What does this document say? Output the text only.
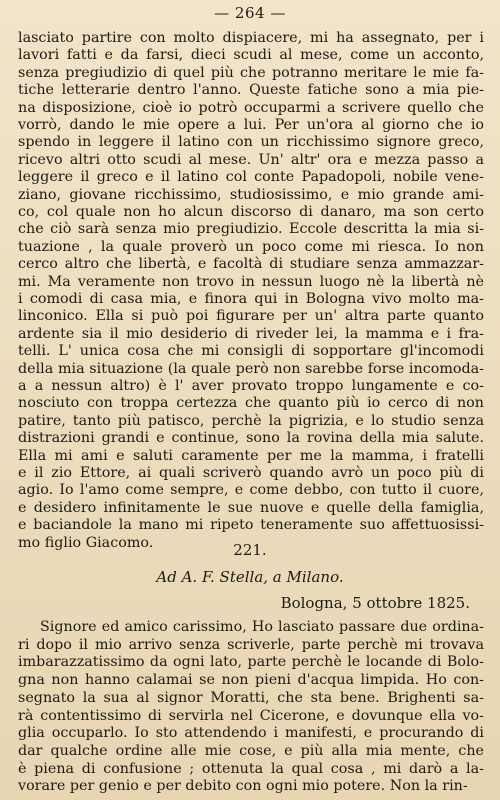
— 264 —
lasciato partire con molto dispiacere, mi ha assegnato, per i
lavori fatti e da farsi, dieci scudi al mese, come un acconto,
senza pregiudizio di quel più che potranno meritare le mie fa-
tiche letterarie dentro l'anno. Queste fatiche sono a mia pie-
na disposizione, cioè io potrò occuparmi a scrivere quello che
vorrò, dando le mie opere a lui. Per un'ora al giorno che io
spendo in leggere il latino con un ricchissimo signore greco,
ricevo altri otto scudi al mese. Un' altr' ora e mezza passo a
leggere il greco e il latino col conte Papadopoli, nobile vene-
ziano, giovane ricchissimo, studiosissimo, e mio grande ami-
co, col quale non ho alcun discorso di danaro, ma son certo
che ciò sarà senza mio pregiudizio. Eccole descritta la mia si-
tuazione , la quale proverò un poco come mi riesca. Io non
cerco altro che libertà, e facoltà di studiare senza ammazzar-
mi. Ma veramente non trovo in nessun luogo nè la libertà nè
i comodi di casa mia, e finora qui in Bologna vivo molto ma-
linconico. Ella si può poi figurare per un' altra parte quanto
ardente sia il mio desiderio di riveder lei, la mamma e i fra-
telli. L' unica cosa che mi consigli di sopportare gl'incomodi
della mia situazione (la quale però non sarebbe forse incomoda-
a a nessun altro) è l' aver provato troppo lungamente e co-
nosciuto con troppa certezza che quanto più io cerco di non
patire, tanto più patisco, perchè la pigrizia, e lo studio senza
distrazioni grandi e continue, sono la rovina della mia salute.
Ella mi ami e saluti caramente per me la mamma, i fratelli
e il zio Ettore, ai quali scriverò quando avrò un poco più di
agio. Io l'amo come sempre, e come debbo, con tutto il cuore,
e desidero infinitamente le sue nuove e quelle della famiglia,
e baciandole la mano mi ripeto teneramente suo affettuosissi-
mo figlio Giacomo.	221.
Ad A. F. Stella, a Milano.
Bologna, 5 ottobre 1825.
Signore ed amico carissimo, Ho lasciato passare due ordina-
ri dopo il mio arrivo senza scriverle, parte perchè mi trovava
imbarazzatissimo da ogni lato, parte perchè le locande di Bolo-
gna non hanno calamai se non pieni d'acqua limpida. Ho con-
segnato la sua al signor Moratti, che sta bene. Brighenti sa-
rà contentissimo di servirla nel Cicerone, e dovunque ella vo-
glia occuparlo. Io sto attendendo i manifesti, e procurando di
dar qualche ordine alle mie cose, e più alla mia mente, che
è piena di confusione ; ottenuta la qual cosa , mi darò a la-
vorare per genio e per debito con ogni mio potere. Non la rin-
